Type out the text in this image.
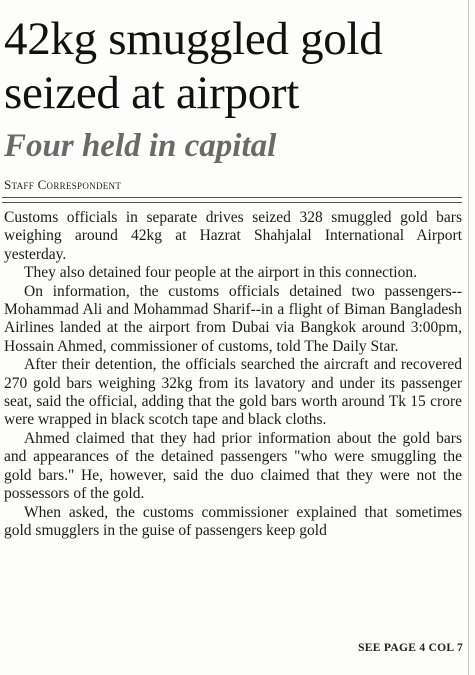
42kg smuggled gold seized at airport
Four held in capital
Staff Correspondent

Customs officials in separate drives seized 328 smuggled gold bars weighing around 42kg at Hazrat Shahjalal International Airport yesterday.

They also detained four people at the airport in this connection.

On information, the customs officials detained two passengers--Mohammad Ali and Mohammad Sharif--in a flight of Biman Bangladesh Airlines landed at the airport from Dubai via Bangkok around 3:00pm, Hossain Ahmed, commissioner of customs, told The Daily Star.

After their detention, the officials searched the aircraft and recovered 270 gold bars weighing 32kg from its lavatory and under its passenger seat, said the official, adding that the gold bars worth around Tk 15 crore were wrapped in black scotch tape and black cloths.

Ahmed claimed that they had prior information about the gold bars and appearances of the detained passengers "who were smuggling the gold bars." He, however, said the duo claimed that they were not the possessors of the gold.

When asked, the customs commissioner explained that sometimes gold smugglers in the guise of passengers keep gold

SEE PAGE 4 COL 7
